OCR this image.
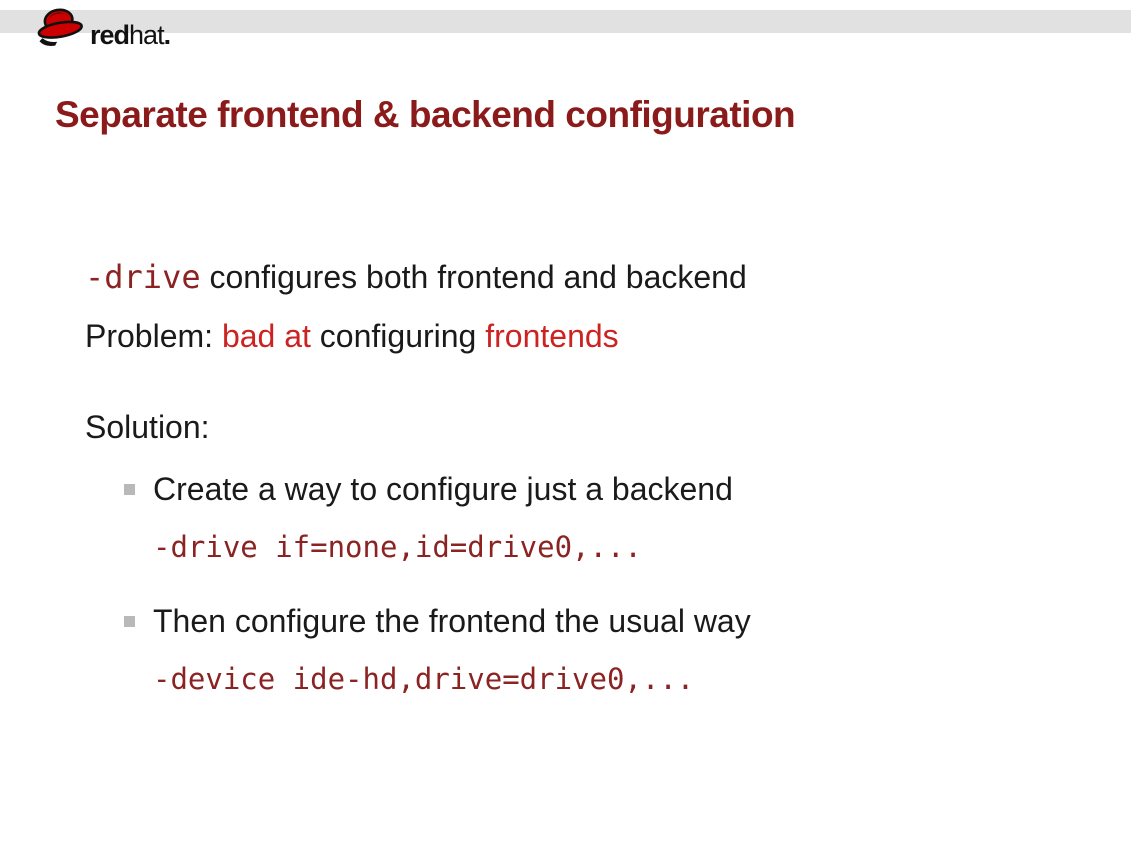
redhat.
Separate frontend & backend configuration
-drive configures both frontend and backend
Problem: bad at configuring frontends
Solution:
Create a way to configure just a backend
-drive if=none,id=drive0,...
Then configure the frontend the usual way
-device ide-hd,drive=drive0,...
